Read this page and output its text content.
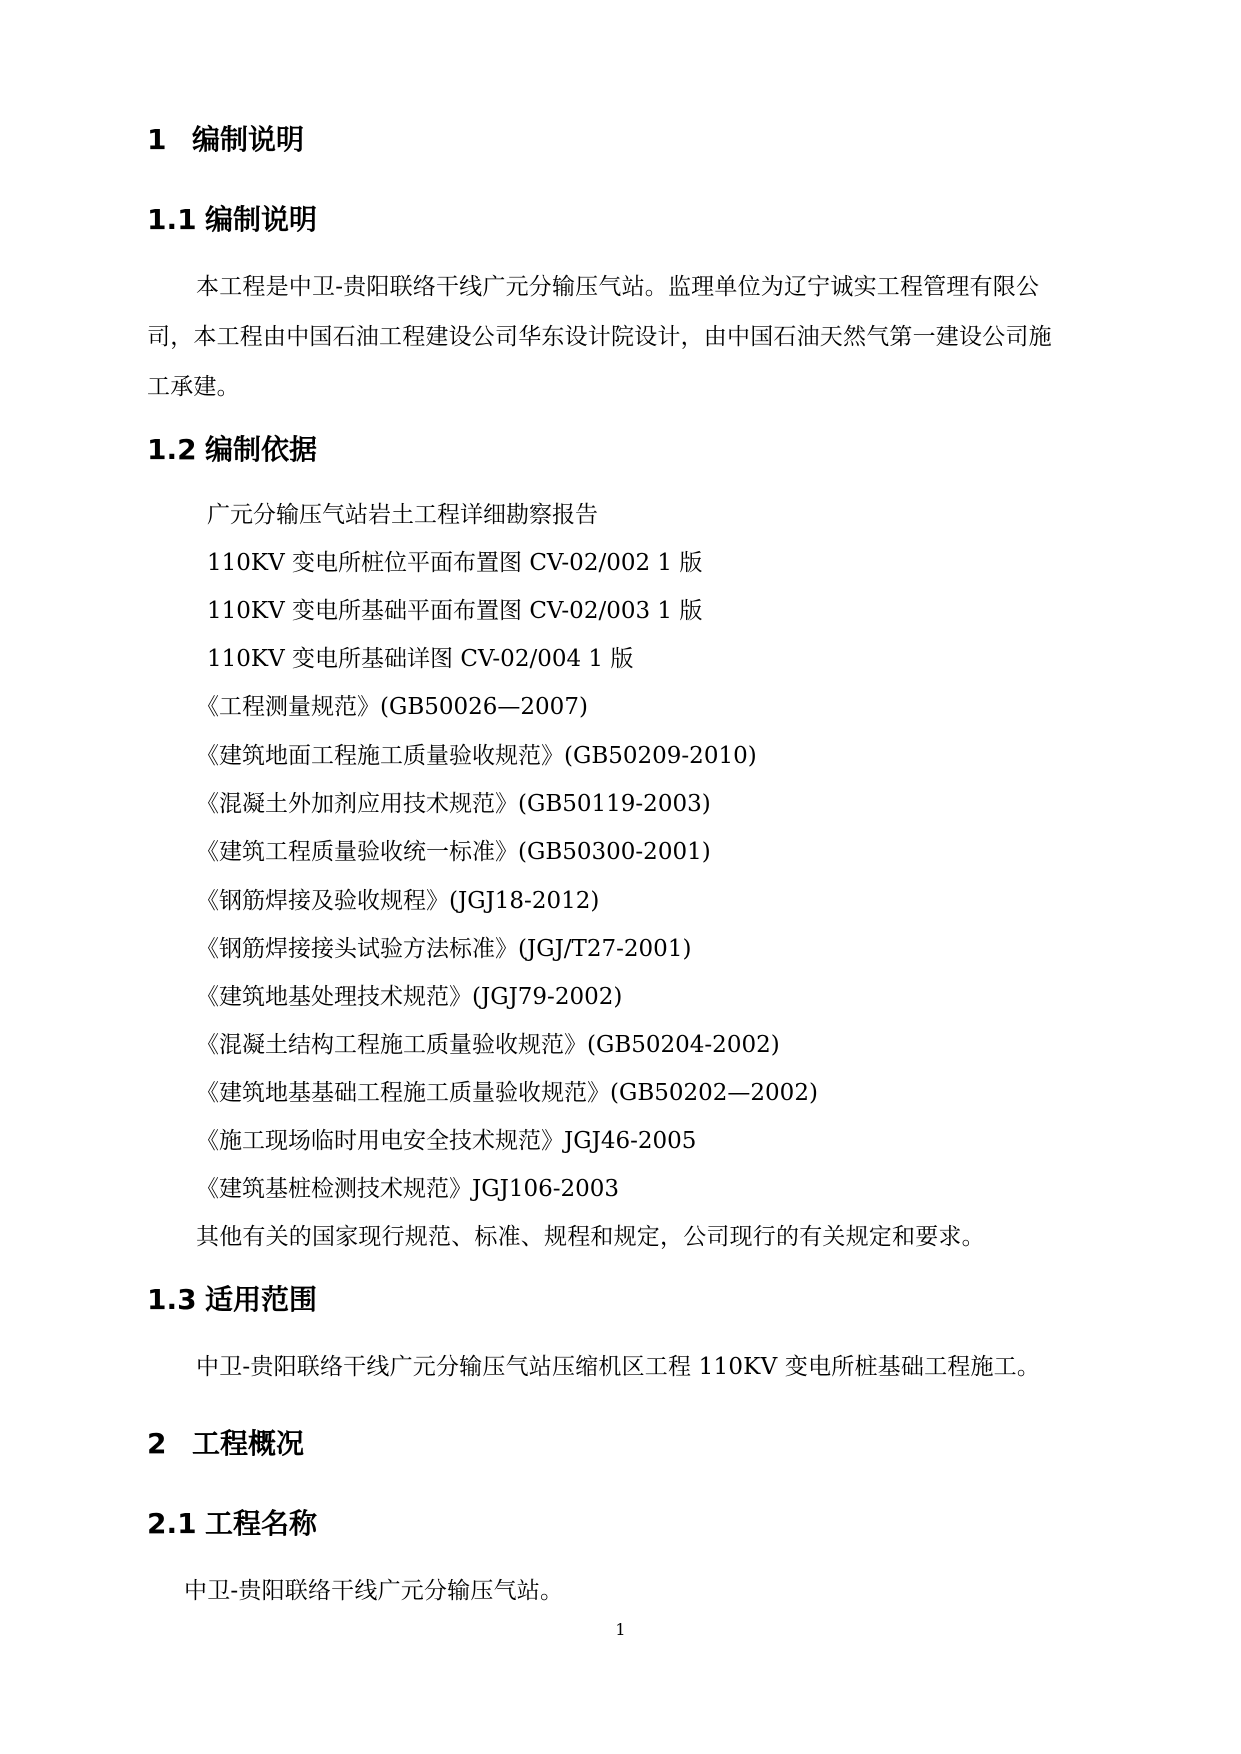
1 编制说明
1.1 编制说明
本工程是中卫-贵阳联络干线广元分输压气站。监理单位为辽宁诚实工程管理有限公
司，本工程由中国石油工程建设公司华东设计院设计，由中国石油天然气第一建设公司施
工承建。
1.2 编制依据
广元分输压气站岩土工程详细勘察报告
110KV 变电所桩位平面布置图 CV-02/002 1 版
110KV 变电所基础平面布置图 CV-02/003 1 版
110KV 变电所基础详图 CV-02/004 1 版
《工程测量规范》(GB50026—2007)
《建筑地面工程施工质量验收规范》(GB50209-2010)
《混凝土外加剂应用技术规范》(GB50119-2003)
《建筑工程质量验收统一标准》(GB50300-2001)
《钢筋焊接及验收规程》(JGJ18-2012)
《钢筋焊接接头试验方法标准》(JGJ/T27-2001)
《建筑地基处理技术规范》(JGJ79-2002)
《混凝土结构工程施工质量验收规范》(GB50204-2002)
《建筑地基基础工程施工质量验收规范》(GB50202—2002)
《施工现场临时用电安全技术规范》JGJ46-2005
《建筑基桩检测技术规范》JGJ106-2003
其他有关的国家现行规范、标准、规程和规定，公司现行的有关规定和要求。
1.3 适用范围
中卫-贵阳联络干线广元分输压气站压缩机区工程 110KV 变电所桩基础工程施工。
2 工程概况
2.1 工程名称
中卫-贵阳联络干线广元分输压气站。
1
